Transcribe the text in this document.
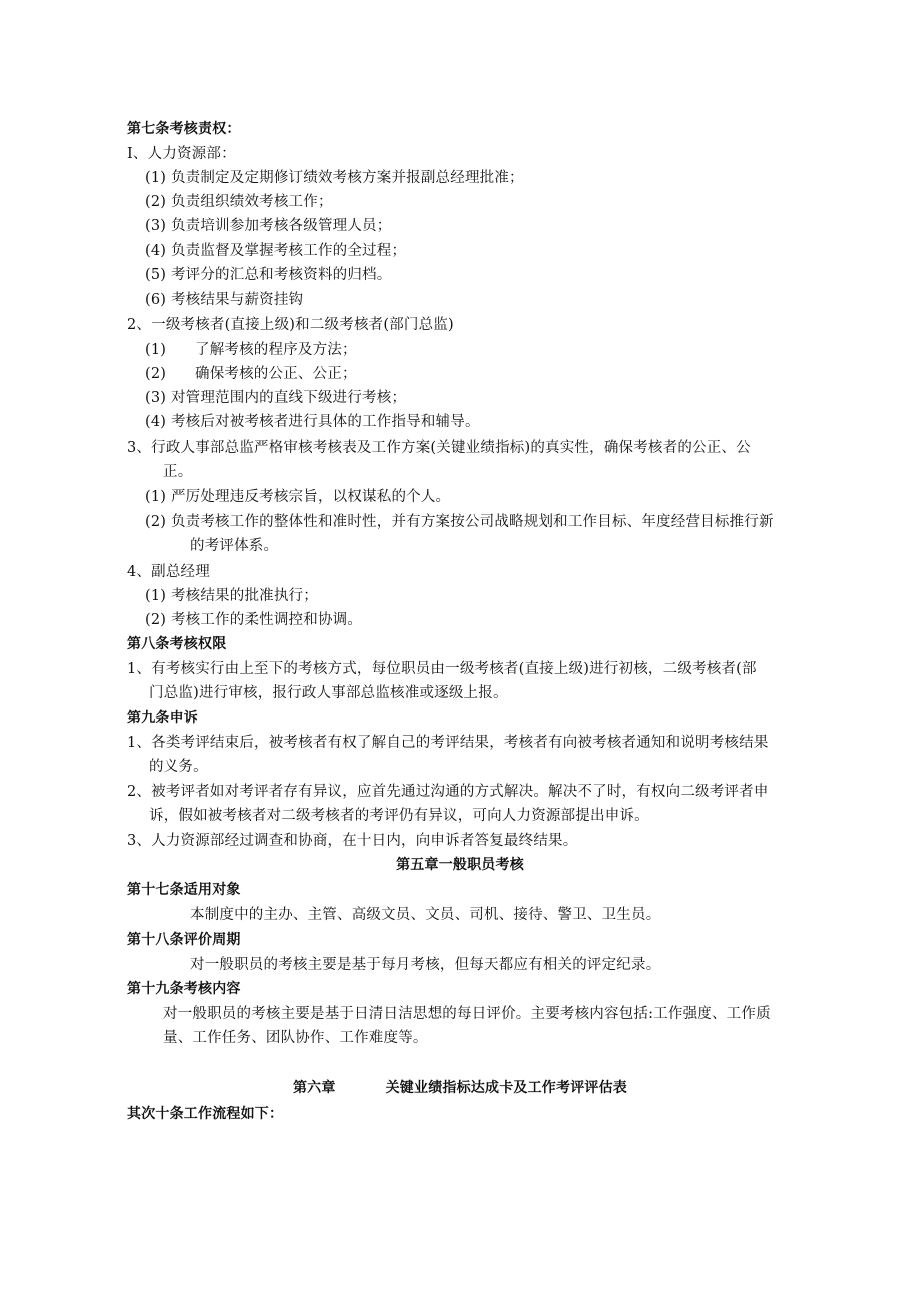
第七条考核责权：
I、人力资源部：
(1) 负责制定及定期修订绩效考核方案并报副总经理批准；
(2) 负责组织绩效考核工作；
(3) 负责培训参加考核各级管理人员；
(4) 负责监督及掌握考核工作的全过程；
(5) 考评分的汇总和考核资料的归档。
(6) 考核结果与薪资挂钩
2、一级考核者(直接上级)和二级考核者(部门总监)
(1)      了解考核的程序及方法；
(2)      确保考核的公正、公正；
(3) 对管理范围内的直线下级进行考核；
(4) 考核后对被考核者进行具体的工作指导和辅导。
3、行政人事部总监严格审核考核表及工作方案(关键业绩指标)的真实性，确保考核者的公正、公
正。
(1) 严厉处理违反考核宗旨，以权谋私的个人。
(2) 负责考核工作的整体性和准时性，并有方案按公司战略规划和工作目标、年度经营目标推行新
的考评体系。
4、副总经理
(1) 考核结果的批准执行；
(2) 考核工作的柔性调控和协调。
第八条考核权限
1、有考核实行由上至下的考核方式，每位职员由一级考核者(直接上级)进行初核，二级考核者(部
门总监)进行审核，报行政人事部总监核准或逐级上报。
第九条申诉
1、各类考评结束后，被考核者有权了解自己的考评结果，考核者有向被考核者通知和说明考核结果
的义务。
2、被考评者如对考评者存有异议，应首先通过沟通的方式解决。解决不了时，有权向二级考评者申
诉，假如被考核者对二级考核者的考评仍有异议，可向人力资源部提出申诉。
3、人力资源部经过调查和协商，在十日内，向申诉者答复最终结果。
第五章一般职员考核
第十七条适用对象
本制度中的主办、主管、高级文员、文员、司机、接待、警卫、卫生员。
第十八条评价周期
对一般职员的考核主要是基于每月考核，但每天都应有相关的评定纪录。
第十九条考核内容
对一般职员的考核主要是基于日清日洁思想的每日评价。主要考核内容包括:工作强度、工作质
量、工作任务、团队协作、工作难度等。
第六章	关键业绩指标达成卡及工作考评评估表
其次十条工作流程如下：
